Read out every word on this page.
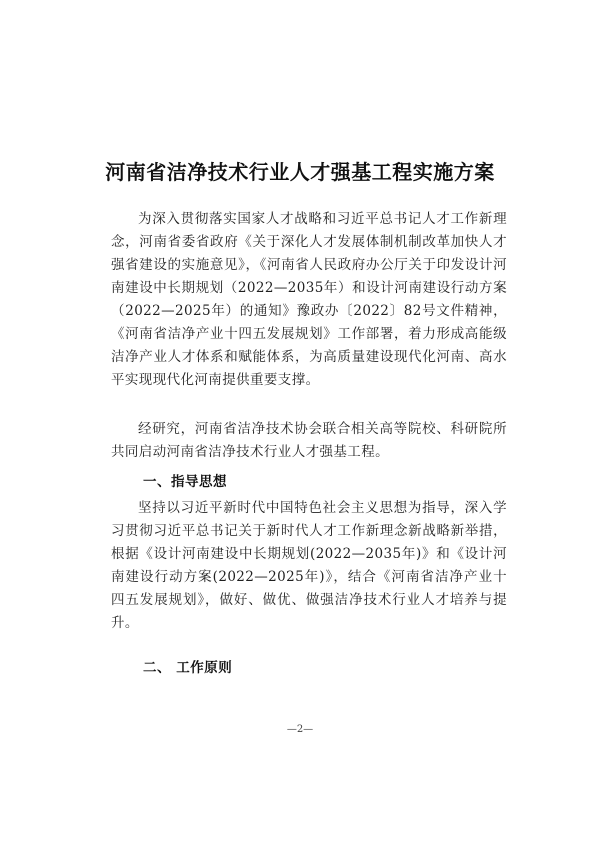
河南省洁净技术行业人才强基工程实施方案

为深入贯彻落实国家人才战略和习近平总书记人才工作新理念，河南省委省政府《关于深化人才发展体制机制改革加快人才强省建设的实施意见》，《河南省人民政府办公厅关于印发设计河南建设中长期规划（2022—2035年）和设计河南建设行动方案（2022—2025年）的通知》豫政办〔2022〕82号文件精神，《河南省洁净产业十四五发展规划》工作部署，着力形成高能级洁净产业人才体系和赋能体系，为高质量建设现代化河南、高水平实现现代化河南提供重要支撑。

经研究，河南省洁净技术协会联合相关高等院校、科研院所共同启动河南省洁净技术行业人才强基工程。

一、指导思想

坚持以习近平新时代中国特色社会主义思想为指导，深入学习贯彻习近平总书记关于新时代人才工作新理念新战略新举措，根据《设计河南建设中长期规划(2022—2035年)》和《设计河南建设行动方案(2022—2025年)》，结合《河南省洁净产业十四五发展规划》，做好、做优、做强洁净技术行业人才培养与提升。

二、 工作原则
—2—
